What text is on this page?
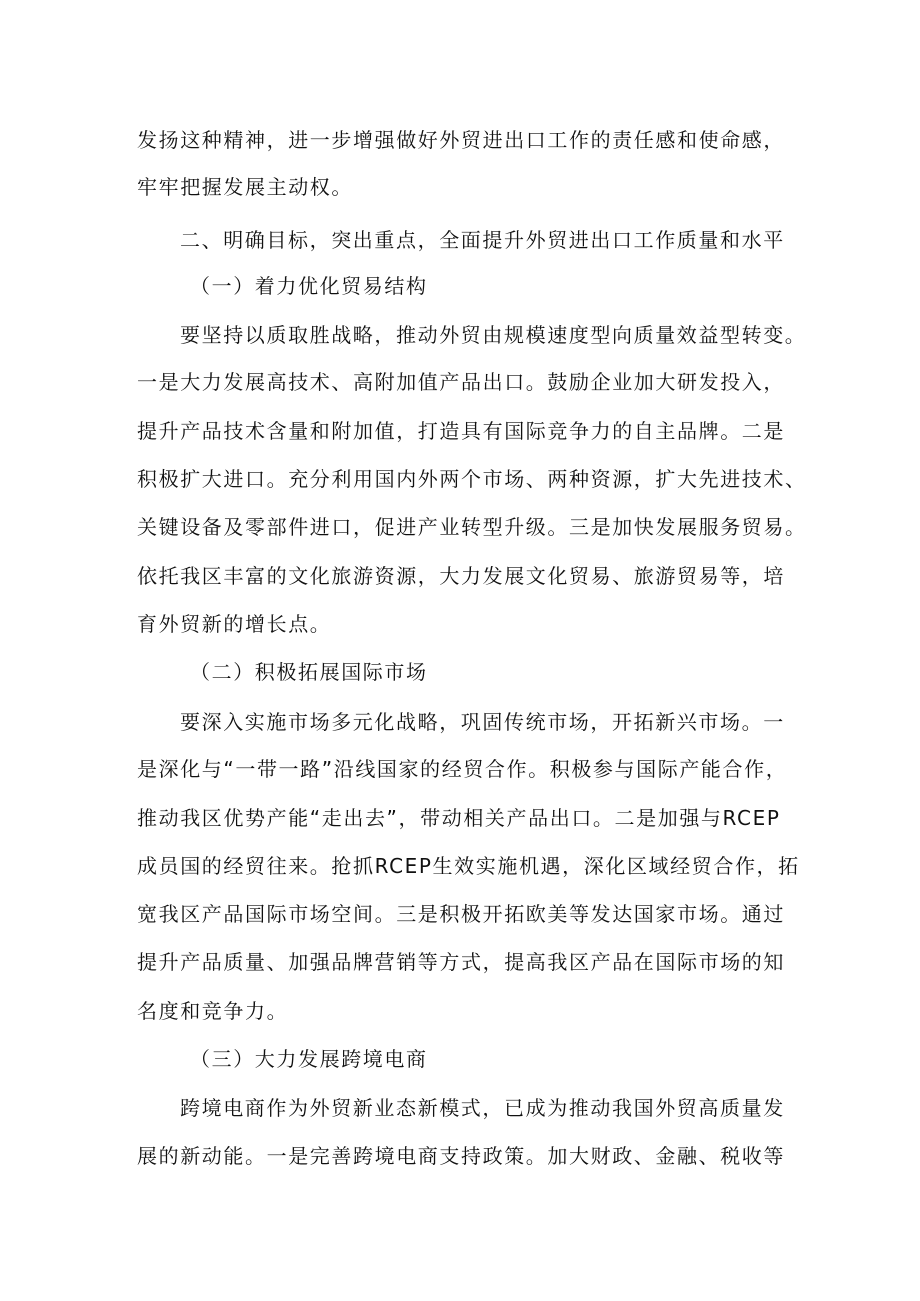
发扬这种精神，进一步增强做好外贸进出口工作的责任感和使命感，
牢牢把握发展主动权。
二、明确目标，突出重点，全面提升外贸进出口工作质量和水平
（一）着力优化贸易结构
要坚持以质取胜战略，推动外贸由规模速度型向质量效益型转变。
一是大力发展高技术、高附加值产品出口。鼓励企业加大研发投入，
提升产品技术含量和附加值，打造具有国际竞争力的自主品牌。二是
积极扩大进口。充分利用国内外两个市场、两种资源，扩大先进技术、
关键设备及零部件进口，促进产业转型升级。三是加快发展服务贸易。
依托我区丰富的文化旅游资源，大力发展文化贸易、旅游贸易等，培
育外贸新的增长点。
（二）积极拓展国际市场
要深入实施市场多元化战略，巩固传统市场，开拓新兴市场。一
是深化与“一带一路”沿线国家的经贸合作。积极参与国际产能合作，
推动我区优势产能“走出去”，带动相关产品出口。二是加强与RCEP
成员国的经贸往来。抢抓RCEP生效实施机遇，深化区域经贸合作，拓
宽我区产品国际市场空间。三是积极开拓欧美等发达国家市场。通过
提升产品质量、加强品牌营销等方式，提高我区产品在国际市场的知
名度和竞争力。
（三）大力发展跨境电商
跨境电商作为外贸新业态新模式，已成为推动我国外贸高质量发
展的新动能。一是完善跨境电商支持政策。加大财政、金融、税收等
